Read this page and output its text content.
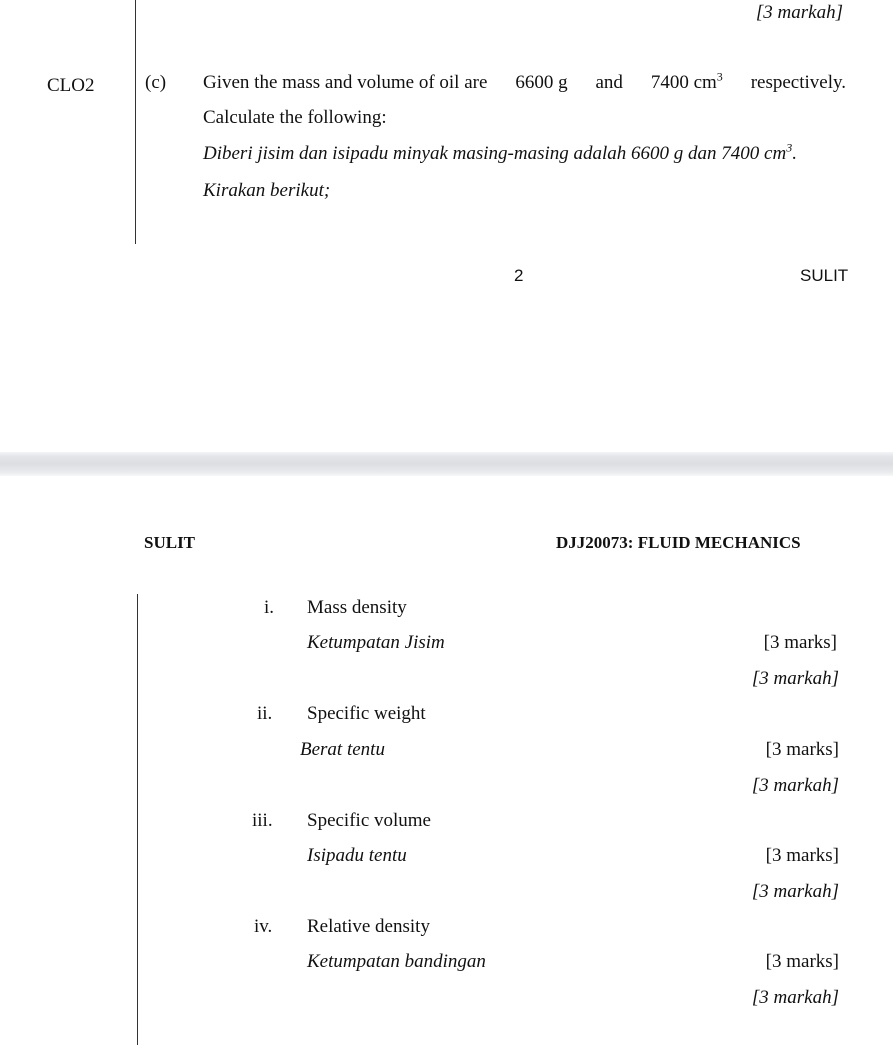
[3 markah]
CLO2	(c) Given the mass and volume of oil are 6600 g and 7400 $cm^3$ respectively.
Calculate the following:
Diberi jisim dan isipadu minyak masing-masing adalah 6600 g dan 7400 $cm^3$.
Kirakan berikut;
2	SULIT
SULIT	DJJ20073: FLUID MECHANICS
i. Mass density
Ketumpatan Jisim	[3 marks]
[3 markah]
ii. Specific weight
Berat tentu	[3 marks]
[3 markah]
iii. Specific volume
Isipadu tentu	[3 marks]
[3 markah]
iv. Relative density
Ketumpatan bandingan	[3 marks]
[3 markah]
